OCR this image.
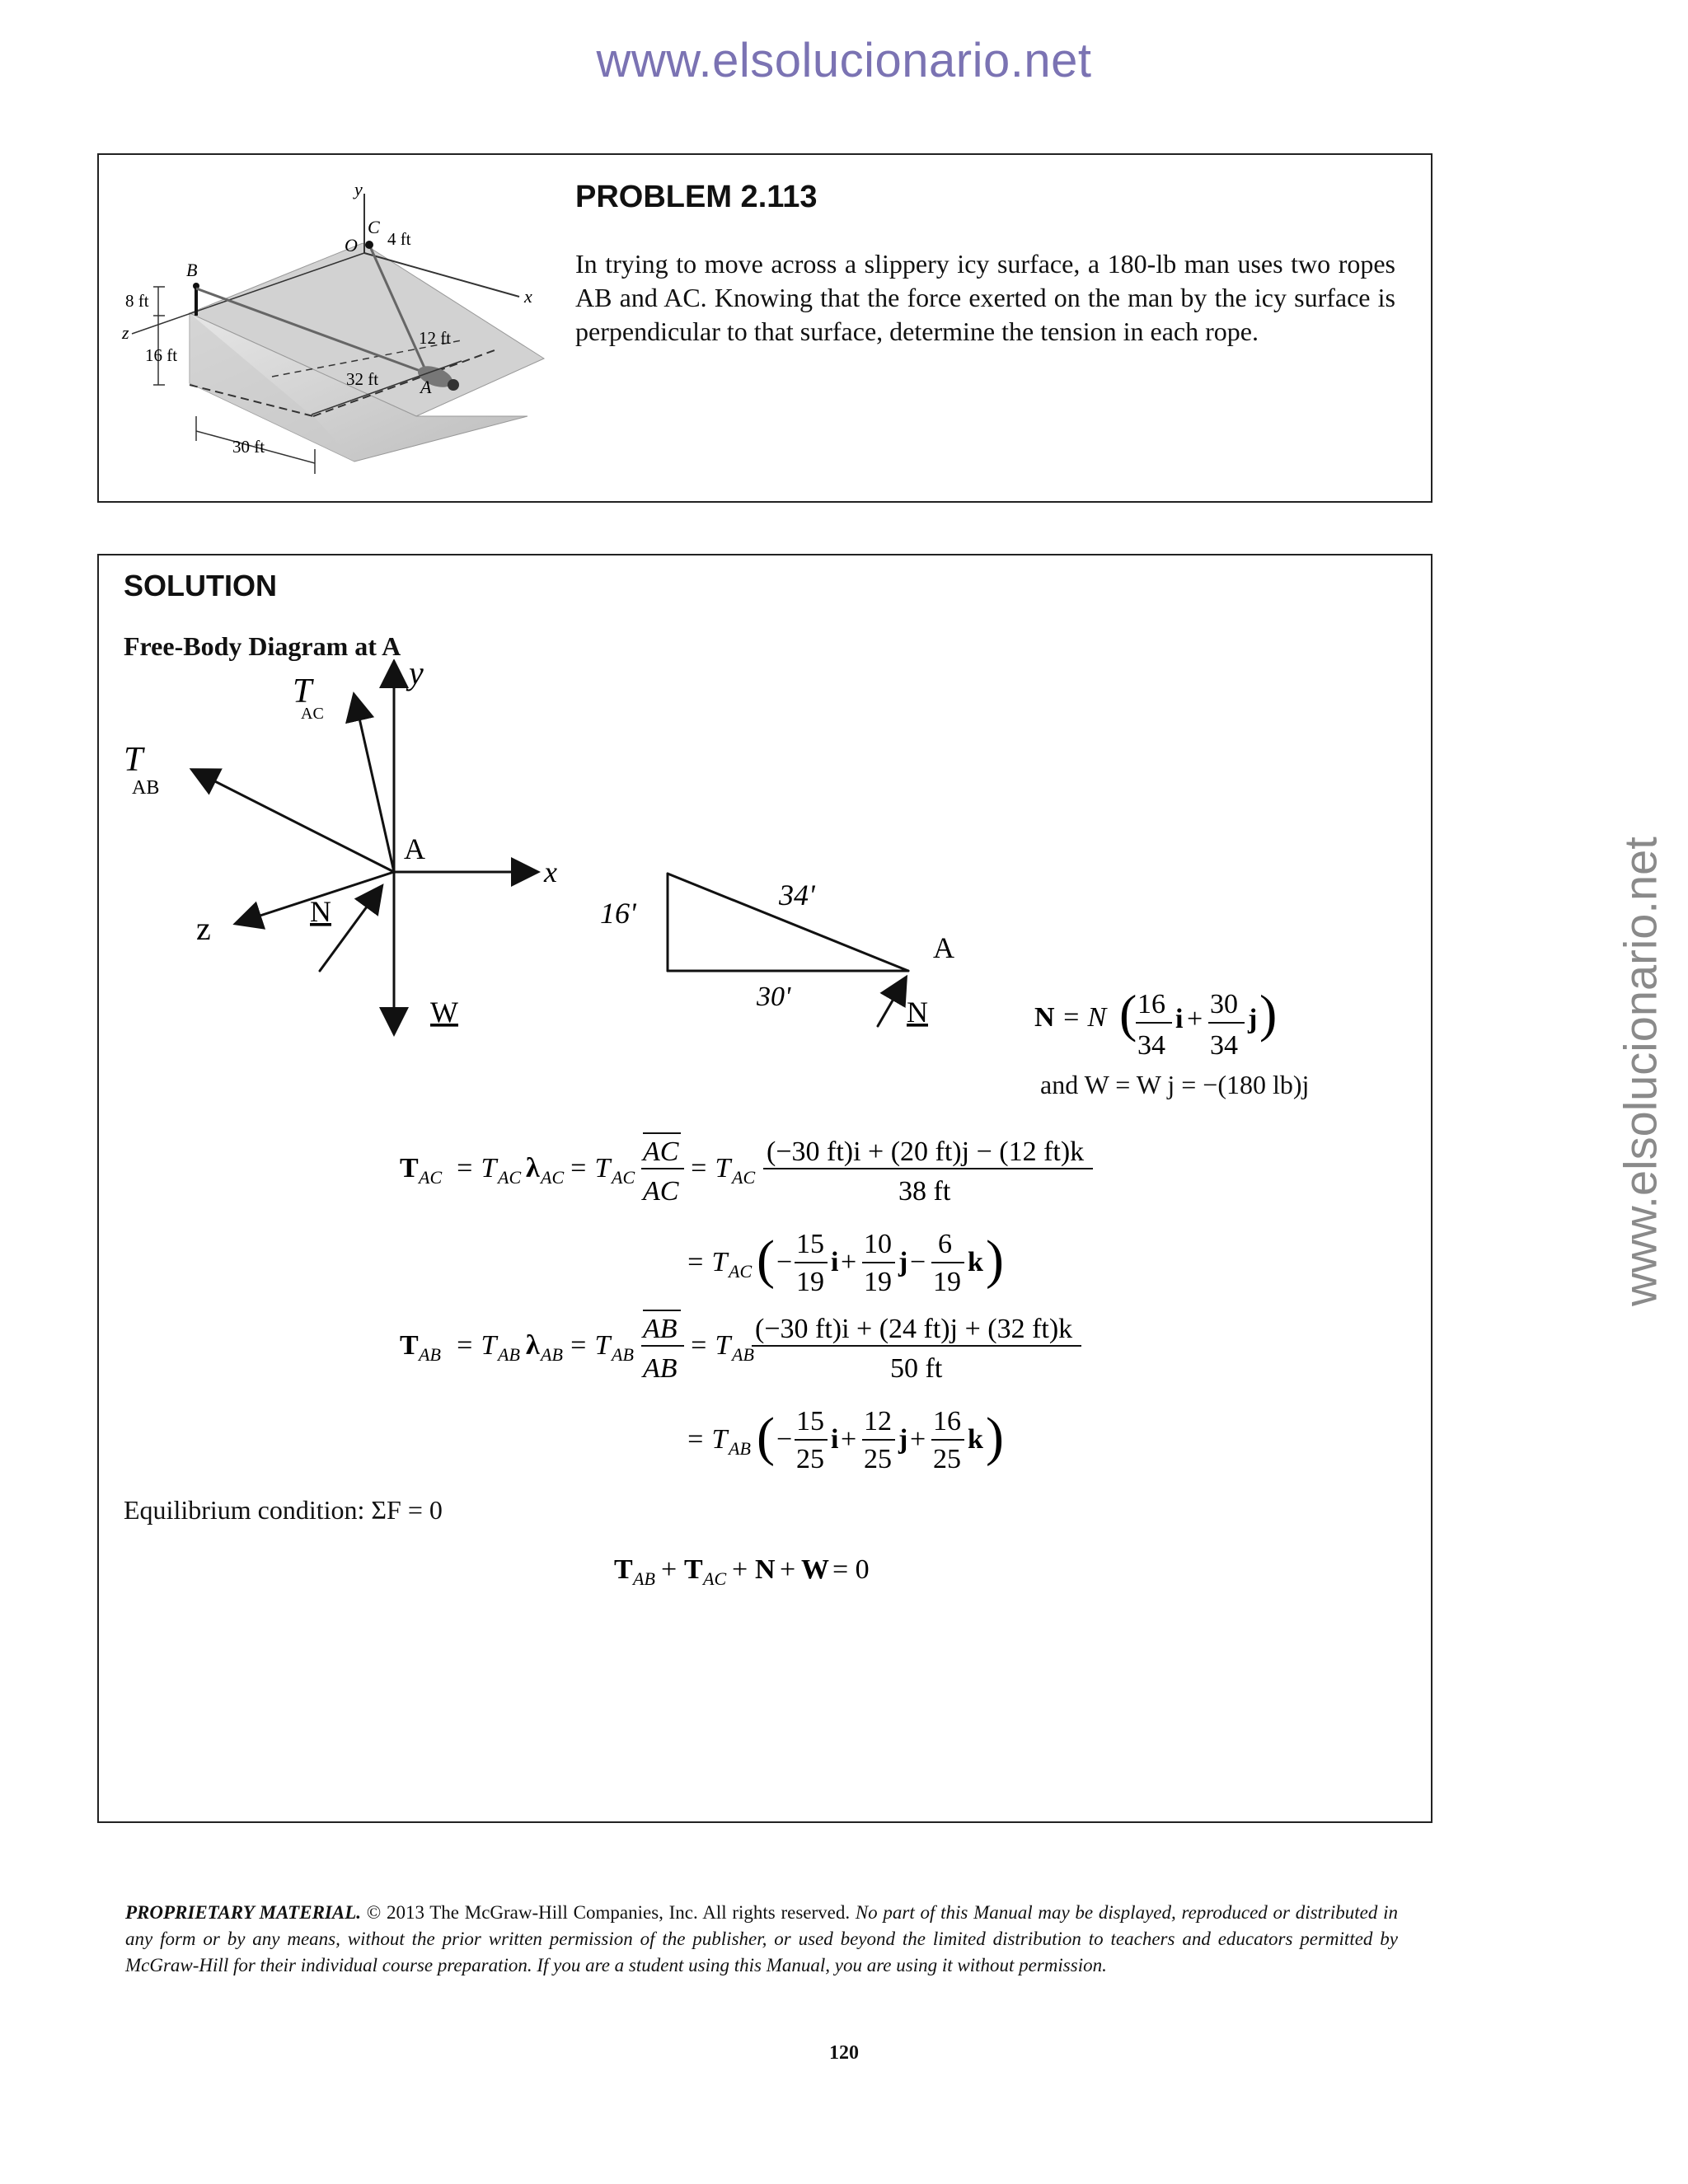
www.elsolucionario.net
www.elsolucionario.net
y
C
O 4 ft
x
B
8 ft
z
16 ft
12 ft
32 ft A
30 ft
PROBLEM 2.113
In trying to move across a slippery icy surface, a 180-lb man uses two ropes AB and AC. Knowing that the force exerted on the man by the icy surface is perpendicular to that surface, determine the tension in each rope.
SOLUTION
Free-Body Diagram at A
T
AC
T
AB
y
x
A
z	N
W
16'
34'
30'
A
N	N = N ( 16
34
i + 30
34
j )
and W = W j = −(180 lb)j
T AC = T AC λ AC = T AC
AC
AC
= T AC
(−30 ft)i + (20 ft)j − (12 ft)k
38 ft
= T AC ( −
15
19
i +
10
19
j −
6
19
k )
T AB = T AB λ AB = T AB
AB
AB
= T AB
(−30 ft)i + (24 ft)j + (32 ft)k
50 ft
= T AB ( −
15
25
i +
12
25
j +
16
25
k )
Equilibrium condition: ΣF = 0
T AB + T AC + N + W = 0
PROPRIETARY MATERIAL. © 2013 The McGraw-Hill Companies, Inc. All rights reserved. No part of this Manual may be displayed, reproduced or distributed in any form or by any means, without the prior written permission of the publisher, or used beyond the limited distribution to teachers and educators permitted by McGraw-Hill for their individual course preparation. If you are a student using this Manual, you are using it without permission.
120
